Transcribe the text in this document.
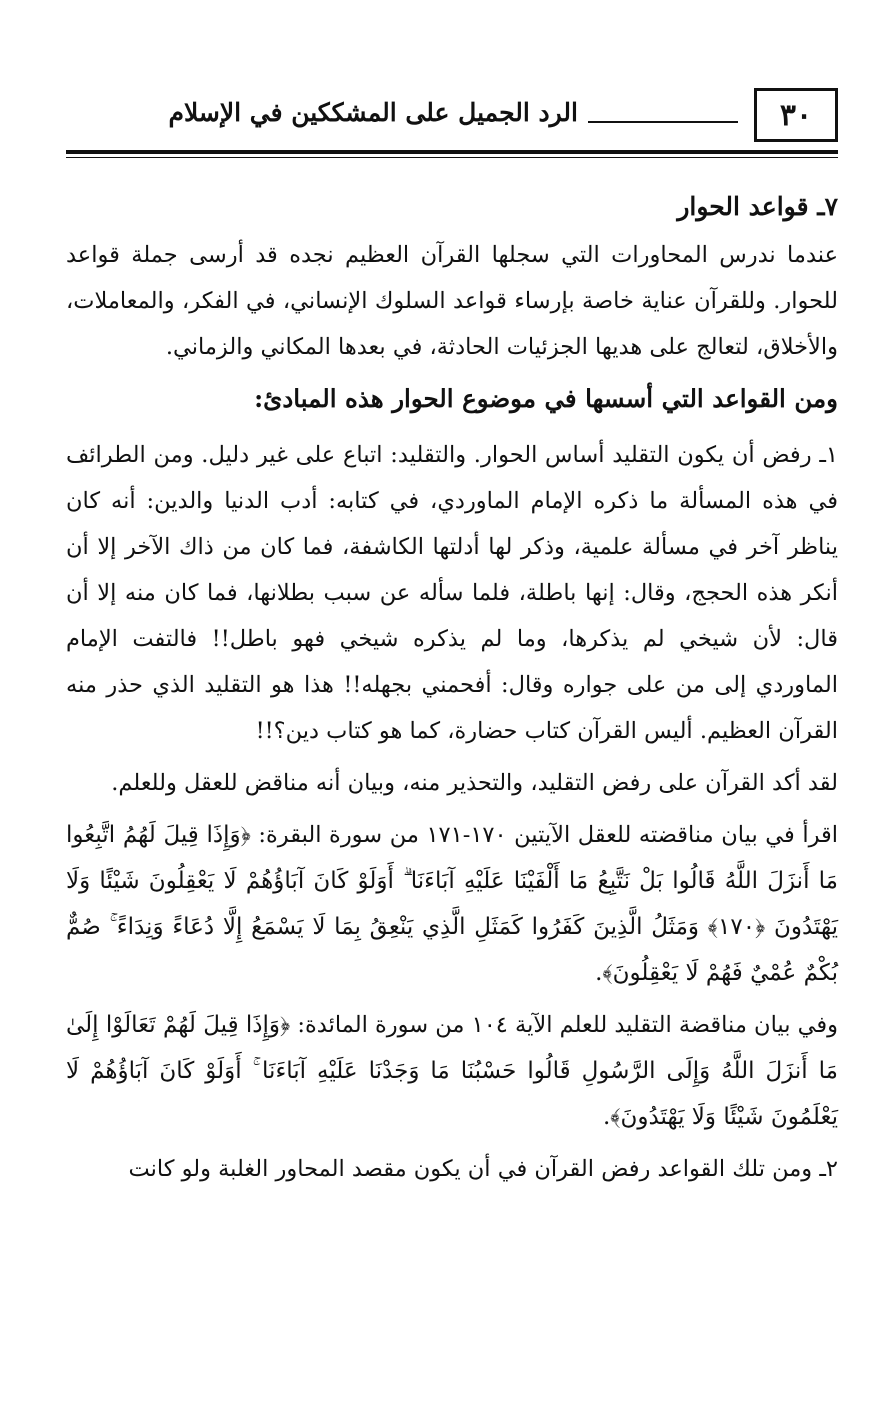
٣٠
الرد الجميل على المشككين في الإسلام
٧ـ قواعد الحوار

عندما ندرس المحاورات التي سجلها القرآن العظيم نجده قد أرسى جملة قواعد للحوار. وللقرآن عناية خاصة بإرساء قواعد السلوك الإنساني، في الفكر، والمعاملات، والأخلاق، لتعالج على هديها الجزئيات الحادثة، في بعدها المكاني والزماني.

ومن القواعد التي أسسها في موضوع الحوار هذه المبادئ:

١ـ رفض أن يكون التقليد أساس الحوار. والتقليد: اتباع على غير دليل. ومن الطرائف في هذه المسألة ما ذكره الإمام الماوردي، في كتابه: أدب الدنيا والدين: أنه كان يناظر آخر في مسألة علمية، وذكر لها أدلتها الكاشفة، فما كان من ذاك الآخر إلا أن أنكر هذه الحجج، وقال: إنها باطلة، فلما سأله عن سبب بطلانها، فما كان منه إلا أن قال: لأن شيخي لم يذكرها، وما لم يذكره شيخي فهو باطل!! فالتفت الإمام الماوردي إلى من على جواره وقال: أفحمني بجهله!! هذا هو التقليد الذي حذر منه القرآن العظيم. أليس القرآن كتاب حضارة، كما هو كتاب دين؟!!

لقد أكد القرآن على رفض التقليد، والتحذير منه، وبيان أنه مناقض للعقل وللعلم.

اقرأ في بيان مناقضته للعقل الآيتين ١٧٠-١٧١ من سورة البقرة: ﴿وَإِذَا قِيلَ لَهُمُ اتَّبِعُوا مَا أَنزَلَ اللَّهُ قَالُوا بَلْ نَتَّبِعُ مَا أَلْفَيْنَا عَلَيْهِ آبَاءَنَا ۗ أَوَلَوْ كَانَ آبَاؤُهُمْ لَا يَعْقِلُونَ شَيْئًا وَلَا يَهْتَدُونَ ﴿١٧٠﴾ وَمَثَلُ الَّذِينَ كَفَرُوا كَمَثَلِ الَّذِي يَنْعِقُ بِمَا لَا يَسْمَعُ إِلَّا دُعَاءً وَنِدَاءً ۚ صُمٌّ بُكْمٌ عُمْيٌ فَهُمْ لَا يَعْقِلُونَ﴾.

وفي بيان مناقضة التقليد للعلم الآية ١٠٤ من سورة المائدة: ﴿وَإِذَا قِيلَ لَهُمْ تَعَالَوْا إِلَىٰ مَا أَنزَلَ اللَّهُ وَإِلَى الرَّسُولِ قَالُوا حَسْبُنَا مَا وَجَدْنَا عَلَيْهِ آبَاءَنَا ۚ أَوَلَوْ كَانَ آبَاؤُهُمْ لَا يَعْلَمُونَ شَيْئًا وَلَا يَهْتَدُونَ﴾.

٢ـ ومن تلك القواعد رفض القرآن في أن يكون مقصد المحاور الغلبة ولو كانت
